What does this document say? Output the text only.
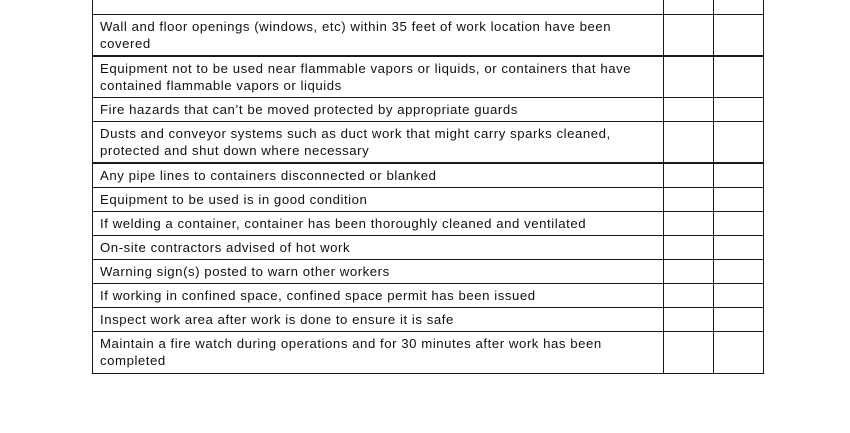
Wall and floor openings (windows, etc) within 35 feet of work location have been covered		
Equipment not to be used near flammable vapors or liquids, or containers that have contained flammable vapors or liquids		
Fire hazards that can’t be moved protected by appropriate guards		
Dusts and conveyor systems such as duct work that might carry sparks cleaned, protected and shut down where necessary		
Any pipe lines to containers disconnected or blanked		
Equipment to be used is in good condition		
If welding a container, container has been thoroughly cleaned and ventilated		
On-site contractors advised of hot work		
Warning sign(s) posted to warn other workers		
If working in confined space, confined space permit has been issued		
Inspect work area after work is done to ensure it is safe		
Maintain a fire watch during operations and for 30 minutes after work has been completed		
